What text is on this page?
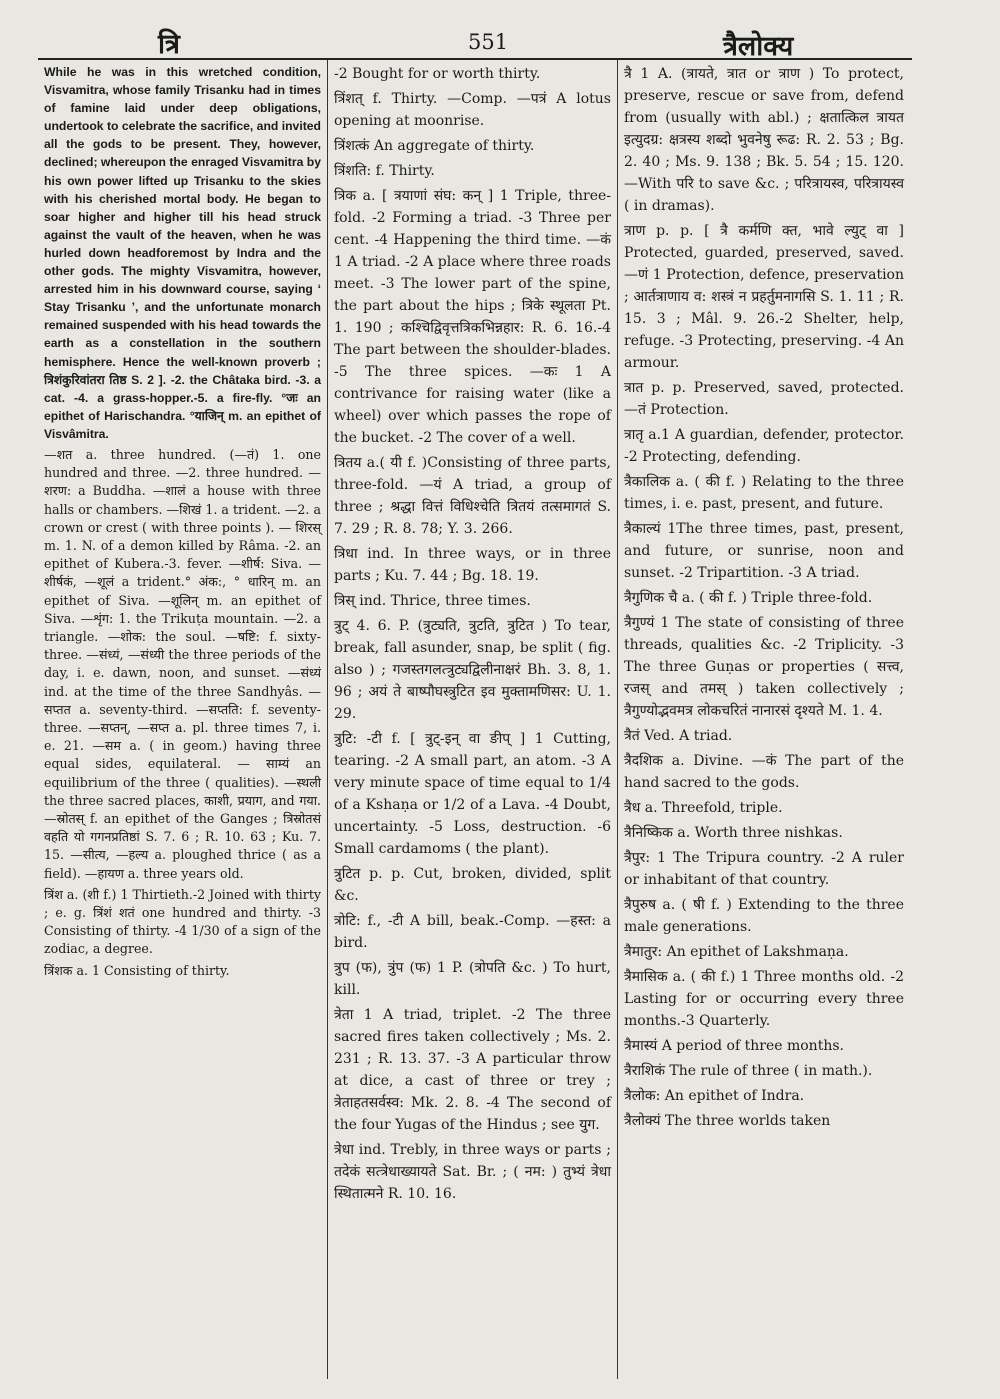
त्रि	551	त्रैलोक्य

While he was in this wretched condition, Visvamitra, whose family Trisanku had in times of famine laid under deep obligations, undertook to celebrate the sacrifice, and invited all the gods to be present. They, however, declined; whereupon the enraged Visvamitra by his own power lifted up Trisanku to the skies with his cherished mortal body. He began to soar higher and higher till his head struck against the vault of the heaven, when he was hurled down headforemost by Indra and the other gods. The mighty Visvamitra, however, arrested him in his downward course, saying ‘ Stay Trisanku ’, and the unfortunate monarch remained suspended with his head towards the earth as a constellation in the southern hemisphere. Hence the well-known proverb ; त्रिशंकुरिवांतरा तिष्ठ S. 2 ]. -2. the Châtaka bird. -3. a cat. -4. a grass-hopper.-5. a fire-fly. °जः an epithet of Harischandra. °याजिन् m. an epithet of Visvâmitra.

—शत a. three hundred. (—तं) 1. one hundred and three. —2. three hundred. —शरण: a Buddha. —शालं a house with three halls or chambers. —शिखं 1. a trident. —2. a crown or crest ( with three points ). — शिरस् m. 1. N. of a demon killed by Râma. -2. an epithet of Kubera.-3. fever. —शीर्ष: Siva. —शीर्षकं, —शूलं a trident.° अंक:, ° धारिन् m. an epithet of Siva. —शूलिन् m. an epithet of Siva. —शृंग: 1. the Trikuṭa mountain. —2. a triangle. —शोक: the soul. —षष्टि: f. sixty-three. —संध्यं, —संध्यी the three periods of the day, i. e. dawn, noon, and sunset. —संध्यं ind. at the time of the three Sandhyâs. —सप्तत a. seventy-third. —सप्तति: f. seventy-three. —सप्तन्, —सप्त a. pl. three times 7, i. e. 21. —सम a. ( in geom.) having three equal sides, equilateral. — साम्यं an equilibrium of the three ( qualities). —स्थली the three sacred places, काशी, प्रयाग, and गया. —स्रोतस् f. an epithet of the Ganges ; त्रिस्रोतसं वहति यो गगनप्रतिष्ठां S. 7. 6 ; R. 10. 63 ; Ku. 7. 15. —सीत्य, —हल्य a. ploughed thrice ( as a field). —हायण a. three years old.

त्रिंश a. (शी f.) 1 Thirtieth.-2 Joined with thirty ; e. g. त्रिंशं शतं one hundred and thirty. -3 Consisting of thirty. -4 1/30 of a sign of the zodiac, a degree.

त्रिंशक a. 1 Consisting of thirty.

-2 Bought for or worth thirty.

त्रिंशत् f. Thirty. —Comp. —पत्रं A lotus opening at moonrise.

त्रिंशत्कं An aggregate of thirty.

त्रिंशति: f. Thirty.

त्रिक a. [ त्रयाणां संघ: कन् ] 1 Triple, three-fold. -2 Forming a triad. -3 Three per cent. -4 Happening the third time. —कं 1 A triad. -2 A place where three roads meet. -3 The lower part of the spine, the part about the hips ; त्रिके स्थूलता Pt. 1. 190 ; कश्चिद्विवृत्तत्रिकभिन्नहार: R. 6. 16.-4 The part between the shoulder-blades. -5 The three spices. —कः 1 A contrivance for raising water (like a wheel) over which passes the rope of the bucket. -2 The cover of a well.

त्रितय a.( यी f. )Consisting of three parts, three-fold. —यं A triad, a group of three ; श्रद्धा वित्तं विधिश्चेति त्रितयं तत्समागतं S. 7. 29 ; R. 8. 78; Y. 3. 266.

त्रिधा ind. In three ways, or in three parts ; Ku. 7. 44 ; Bg. 18. 19.

त्रिस् ind. Thrice, three times.

त्रुट् 4. 6. P. (त्रुट्यति, त्रुटति, त्रुटित ) To tear, break, fall asunder, snap, be split ( fig. also ) ; गजस्तगलत्त्रुट्यद्विलीनाक्षरं Bh. 3. 8, 1. 96 ; अयं ते बाष्पौघस्त्रुटित इव मुक्तामणिसर: U. 1. 29.

त्रुटि: -टी f. [ त्रुट्-इन् वा ङीप् ] 1 Cutting, tearing. -2 A small part, an atom. -3 A very minute space of time equal to 1/4 of a Kshaṇa or 1/2 of a Lava. -4 Doubt, uncertainty. -5 Loss, destruction. -6 Small cardamoms ( the plant).

त्रुटित p. p. Cut, broken, divided, split &c.

त्रोटि: f., -टी A bill, beak.-Comp. —हस्त: a bird.

त्रुप (फ), त्रुंप (फ) 1 P. (त्रोपति &c. ) To hurt, kill.

त्रेता 1 A triad, triplet. -2 The three sacred fires taken collectively ; Ms. 2. 231 ; R. 13. 37. -3 A particular throw at dice, a cast of three or trey ; त्रेताहतसर्वस्व: Mk. 2. 8. -4 The second of the four Yugas of the Hindus ; see युग.

त्रेधा ind. Trebly, in three ways or parts ; तदेकं सत्त्रेधाख्यायते Sat. Br. ; ( नम: ) तुभ्यं त्रेधा स्थितात्मने R. 10. 16.

त्रै 1 A. (त्रायते, त्रात or त्राण ) To protect, preserve, rescue or save from, defend from (usually with abl.) ; क्षतात्किल त्रायत इत्युदग्र: क्षत्रस्य शब्दो भुवनेषु रूढ: R. 2. 53 ; Bg. 2. 40 ; Ms. 9. 138 ; Bk. 5. 54 ; 15. 120. —With परि to save &c. ; परित्रायस्व, परित्रायस्व ( in dramas).

त्राण p. p. [ त्रै कर्मणि क्त, भावे ल्युट् वा ] Protected, guarded, preserved, saved. —णं 1 Protection, defence, preservation ; आर्तत्राणाय व: शस्त्रं न प्रहर्तुमनागसि S. 1. 11 ; R. 15. 3 ; Mâl. 9. 26.-2 Shelter, help, refuge. -3 Protecting, preserving. -4 An armour.

त्रात p. p. Preserved, saved, protected. —तं Protection.

त्रातृ a.1 A guardian, defender, protector. -2 Protecting, defending.

त्रैकालिक a. ( की f. ) Relating to the three times, i. e. past, present, and future.

त्रैकाल्यं 1The three times, past, present, and future, or sunrise, noon and sunset. -2 Tripartition. -3 A triad.

त्रैगुणिक चै a. ( की f. ) Triple three-fold.

त्रैगुण्यं 1 The state of consisting of three threads, qualities &c. -2 Triplicity. -3 The three Guṇas or properties ( सत्त्व, रजस् and तमस् ) taken collectively ; त्रैगुण्योद्भवमत्र लोकचरितं नानारसं दृश्यते M. 1. 4.

त्रैतं Ved. A triad.

त्रैदशिक a. Divine. —कं The part of the hand sacred to the gods.

त्रैध a. Threefold, triple.

त्रैनिष्किक a. Worth three nishkas.

त्रैपुर: 1 The Tripura country. -2 A ruler or inhabitant of that country.

त्रैपुरुष a. ( षी f. ) Extending to the three male generations.

त्रैमातुर: An epithet of Lakshmaṇa.

त्रैमासिक a. ( की f.) 1 Three months old. -2 Lasting for or occurring every three months.-3 Quarterly.

त्रैमास्यं A period of three months.

त्रैराशिकं The rule of three ( in math.).

त्रैलोक: An epithet of Indra.

त्रैलोक्यं The three worlds taken
